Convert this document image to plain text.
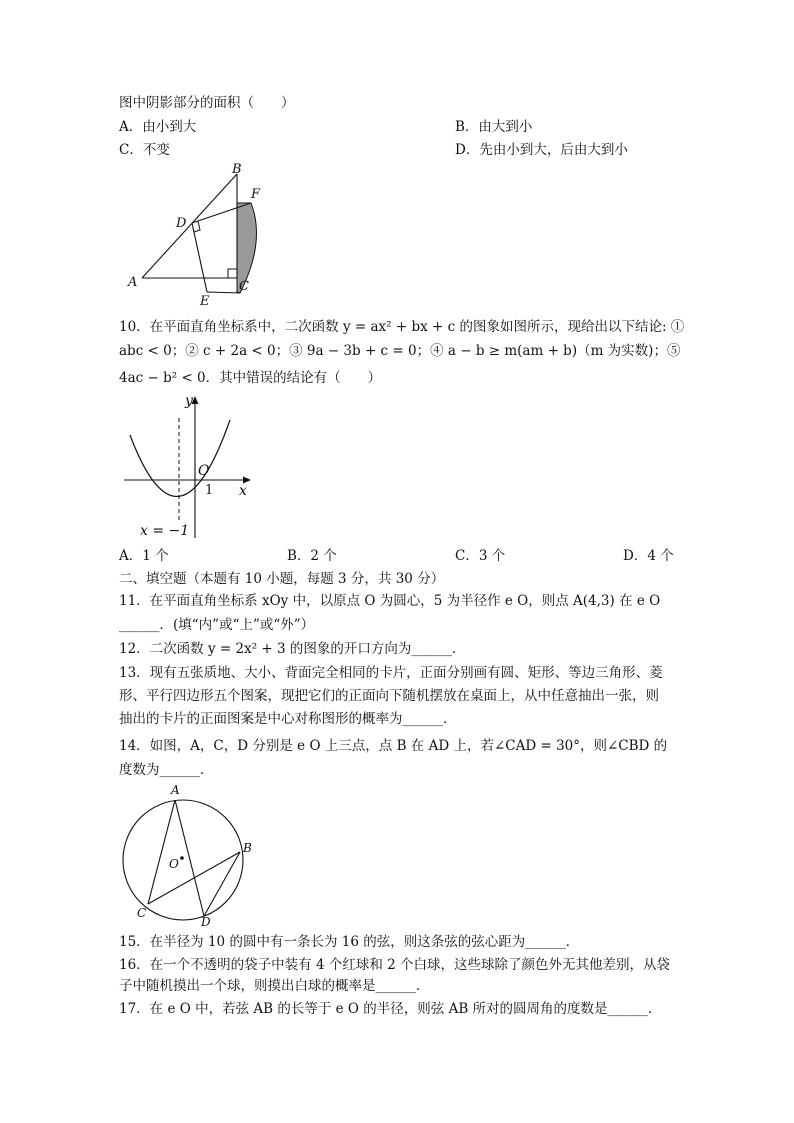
图中阴影部分的面积（　　）
A．由小到大	B．由大到小
C．不变	D．先由小到大，后由大到小
A
B
C
D
E
F
10．在平面直角坐标系中，二次函数 y = ax² + bx + c 的图象如图所示，现给出以下结论: ①
abc < 0；② c + 2a < 0；③ 9a − 3b + c = 0；④ a − b ≥ m(am + b)（m 为实数)；⑤
4ac − b² < 0．其中错误的结论有（　　）
y
x
O
1
x = −1
A．1 个	B．2 个	C．3 个	D．4 个
二、填空题（本题有 10 小题，每题 3 分，共 30 分）
11．在平面直角坐标系 xOy 中，以原点 O 为圆心，5 为半径作 e O，则点 A(4,3) 在 e O
______．(填“内”或“上”或“外”）
12．二次函数 y = 2x² + 3 的图象的开口方向为______．
13．现有五张质地、大小、背面完全相同的卡片，正面分别画有圆、矩形、等边三角形、菱
形、平行四边形五个图案，现把它们的正面向下随机摆放在桌面上，从中任意抽出一张，则
抽出的卡片的正面图案是中心对称图形的概率为______．
14．如图，A，C，D 分别是 e O 上三点，点 B 在 AD 上，若∠CAD = 30°，则∠CBD 的
度数为______．
A
B
C
D
O
15．在半径为 10 的圆中有一条长为 16 的弦，则这条弦的弦心距为______．
16．在一个不透明的袋子中装有 4 个红球和 2 个白球，这些球除了颜色外无其他差别，从袋
子中随机摸出一个球，则摸出白球的概率是______．
17．在 e O 中，若弦 AB 的长等于 e O 的半径，则弦 AB 所对的圆周角的度数是______．
